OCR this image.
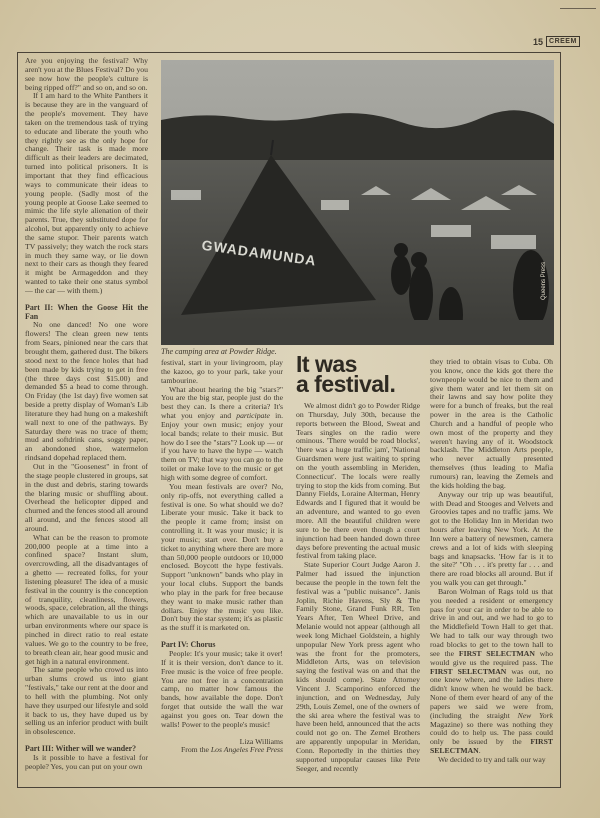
15 CREEM
GWADAMUNDA
Queens Press
The camping area at Powder Ridge. It was
a festival.

Are you enjoying the festival? Why aren't you at the Blues Festival? Do you see now how the people's culture is being ripped off?" and so on, and so on.

If I am hard to the White Panthers it is because they are in the vanguard of the people's movement. They have taken on the tremendous task of trying to educate and liberate the youth who they rightly see as the only hope for change. Their task is made more difficult as their leaders are decimated, turned into political prisoners. It is important that they find efficacious ways to communicate their ideas to young people. (Sadly most of the young people at Goose Lake seemed to mimic the life style alienation of their parents. True, they substituted dope for alcohol, but apparently only to achieve the same stupor. Their parents watch TV passively; they watch the rock stars in much they same way, or lie down next to their cars as though they feared it might be Armageddon and they wanted to take their one status symbol — the car — with them.)

Part II: When the Goose Hit the Fan

No one danced! No one wore flowers! The clean green new tents from Sears, pinioned near the cars that brought them, gathered dust. The bikers stood next to the fence holes that had been made by kids trying to get in free (the three days cost $15.00) and demanded $5 a head to come through. On Friday (the 1st day) five women sat beside a pretty display of Woman's Lib literature they had hung on a makeshift wall next to one of the pathways. By Saturday there was no trace of them; mud and softdrink cans, soggy paper, an abondoned shoe, watermelon rindsand dopehad replaced them.

Out in the "Goosenest" in front of the stage people clustered in groups, sat in the dust and debris, staring towards the blaring music or shuffling about. Overhead the helicopter dipped and churned and the fences stood all around all around, and the fences stood all around.

What can be the reason to promote 200,000 people at a time into a confined space? Instant slum, overcrowding, all the disadvantages of a ghetto — recreated folks, for your listening pleasure! The idea of a music festival in the country is the conception of tranquility, cleanliness, flowers, woods, space, celebration, all the things which are unavailable to us in our urban environments where our space is pinched in direct ratio to real estate values. We go to the country to be free, to breath clean air, hear good music and get high in a natural environment.

The same people who crowd us into urban slums crowd us into giant "festivals," take our rent at the door and to hell with the plumbing. Not only have they usurped our lifestyle and sold it back to us, they have duped us by selling us an inferior product with built in obsolescence.

Part III: Wither will we wander?

Is it possible to have a festival for people? Yes, you can put on your own

festival, start in your livingroom, play the kazoo, go to your park, take your tambourine.

What about hearing the big "stars?" You are the big star, people just do the best they can. Is there a criteria? It's what you enjoy and participate in. Enjoy your own music; enjoy your local bands; relate to their music. But how do I see the "stars"? Look up — or if you have to have the hype — watch them on TV; that way you can go to the toilet or make love to the music or get high with some degree of comfort.

You mean festivals are over? No, only rip-offs, not everything called a festival is one. So what should we do? Liberate your music. Take it back to the people it came from; insist on controlling it. It was your music; it is your music; start over. Don't buy a ticket to anything where there are more than 50,000 people outdoors or 10,000 enclosed. Boycott the hype festivals. Support "unknown" bands who play in your local clubs. Support the bands who play in the park for free because they want to make music rather than dollars. Enjoy the music you like. Don't buy the star system; it's as plastic as the stuff it is marketed on.

Part IV: Chorus

People: It's your music; take it over! If it is their version, don't dance to it. Free music is the voice of free people. You are not free in a concentration camp, no matter how famous the bands, how available the dope. Don't forget that outside the wall the war against you goes on. Tear down the walls! Power to the people's music!

Liza Williams
From the Los Angeles Free Press

We almost didn't go to Powder Ridge on Thursday, July 30th, because the reports between the Blood, Sweat and Tears singles on the radio were ominous. 'There would be road blocks', 'there was a huge traffic jam', 'National Guardsmen were just waiting to spring on the youth assembling in Meriden, Connecticut'. The locals were really trying to stop the kids from coming. But Danny Fields, Loraine Alterman, Henry Edwards and I figured that it would be an adventure, and wanted to go even more. All the beautiful children were sure to be there even though a court injunction had been handed down three days before preventing the actual music festival from taking place.

State Superior Court Judge Aaron J. Palmer had issued the injunction because the people in the town felt the festival was a "public nuisance". Janis Joplin, Richie Havens, Sly & The Family Stone, Grand Funk RR, Ten Years After, Ten Wheel Drive, and Melanie would not appear (although all week long Michael Goldstein, a highly unpopular New York press agent who was the front for the promoters, Middleton Arts, was on television saying the festival was on and that the kids should come). State Attorney Vincent J. Scamporino enforced the injunction, and on Wednesday, July 29th, Louis Zemel, one of the owners of the ski area where the festival was to have been held, announced that the acts could not go on. The Zemel Brothers are apparently unpopular in Meridan, Conn. Reportedly in the thirties they supported unpopular causes like Pete Seeger, and recently

they tried to obtain visas to Cuba. Oh you know, once the kids got there the townpeople would be nice to them and give them water and let them sit on their lawns and say how polite they were for a bunch of freaks, but the real power in the area is the Catholic Church and a handful of people who own most of the property and they weren't having any of it. Woodstock backlash. The Middleton Arts people, who never actually presented themselves (thus leading to Mafia rumours) ran, leaving the Zemels and the kids holding the bag.

Anyway our trip up was beautiful, with Dead and Stooges and Velvets and Groovies tapes and no traffic jams. We got to the Holiday Inn in Meridan two hours after leaving New York. At the Inn were a battery of newsmen, camera crews and a lot of kids with sleeping bags and knapsacks. 'How far is it to the site?' "Oh . . . it's pretty far . . . and there are road blocks all around. But if you walk you can get through."

Baron Wolman of Rags told us that you needed a resident or emergency pass for your car in order to be able to drive in and out, and we had to go to the Middlefield Town Hall to get that. We had to talk our way through two road blocks to get to the town hall to see the FIRST SELECTMAN who would give us the required pass. The FIRST SELECTMAN was out, no one knew where, and the ladies there didn't know when he would be back. None of them ever heard of any of the papers we said we were from, (including the straight New York Magazine) so there was nothing they could do to help us. The pass could only be issued by the FIRST SELECTMAN.

We decided to try and talk our way
